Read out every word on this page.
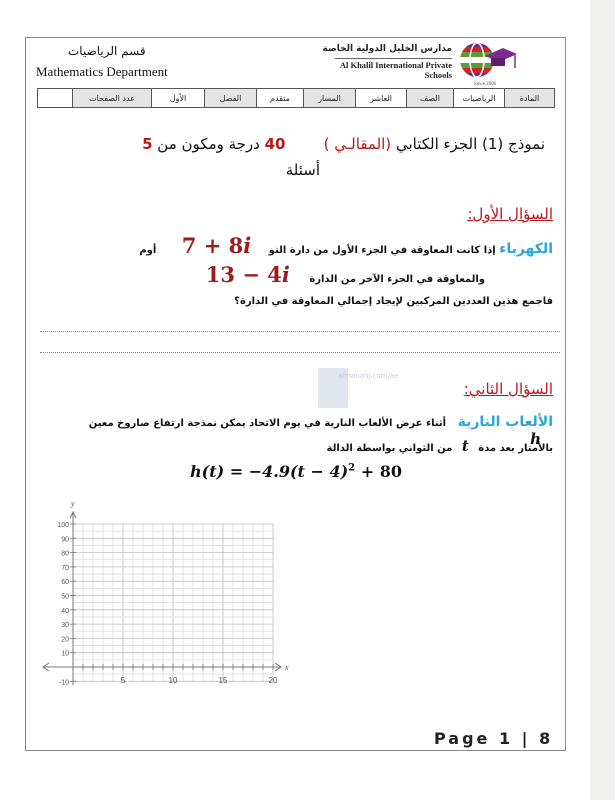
قسم الرياضيات
Mathematics Department
مدارس الخليل الدولية الخاصة
Al Khalil International Private Schools
Since 2006
المادة	الرياضيات	الصف	العاشر	المسار	متقدم	الفصل	الأول	عدد الصفحات	
نموذج (1) الجزء الكتابي (المقالـي )        40 درجة ومكون من 5
أسئلة
السؤال الأول:
الكهرباء إذا كانت المعاوقة في الجزء الأول من دارة التو 7 + 8i أوم
والمعاوقة في الجزء الآخر من الدارة 13 − 4i
فاجمع هذين العددين المركبين لإيجاد إجمالي المعاوقة في الدارة؟
almanahj.com/ae
السؤال الثاني:
الألعاب النارية أثناء عرض الألعاب النارية في يوم الاتحاد يمكن نمذجة ارتفاع صاروخ معين h
بالأمتار بعد مدة t من الثواني بواسطة الدالة
$h(t) = -4.9(t - 4)^2 + 80$
5	10	15	20
-10
10
20
30
40
50
60
70
80
90
100
x
y
Page 1 | 8
